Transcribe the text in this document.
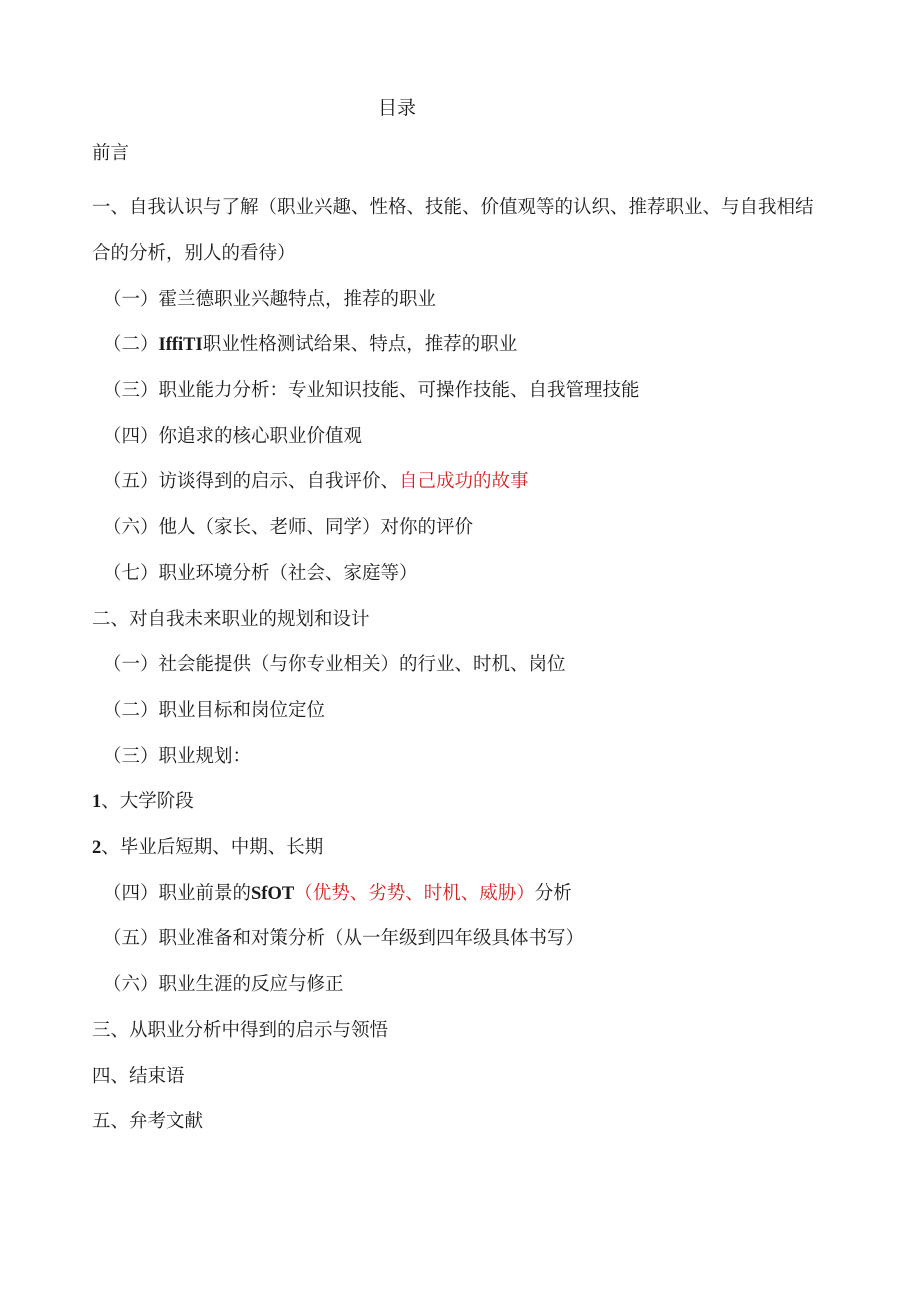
目录
前言
一、自我认识与了解（职业兴趣、性格、技能、价值观等的认织、推荐职业、与自我相结
合的分析，别人的看待）
（一）霍兰德职业兴趣特点，推荐的职业
（二）IffiTI职业性格测试给果、特点，推荐的职业
（三）职业能力分析：专业知识技能、可操作技能、自我管理技能
（四）你追求的核心职业价值观
（五）访谈得到的启示、自我评价、自己成功的故事
（六）他人（家长、老师、同学）对你的评价
（七）职业环境分析（社会、家庭等）
二、对自我未来职业的规划和设计
（一）社会能提供（与你专业相关）的行业、时机、岗位
（二）职业目标和岗位定位
（三）职业规划：
1、大学阶段
2、毕业后短期、中期、长期
（四）职业前景的SfOT（优势、劣势、时机、威胁）分析
（五）职业准备和对策分析（从一年级到四年级具体书写）
（六）职业生涯的反应与修正
三、从职业分析中得到的启示与领悟
四、结束语
五、弁考文献
